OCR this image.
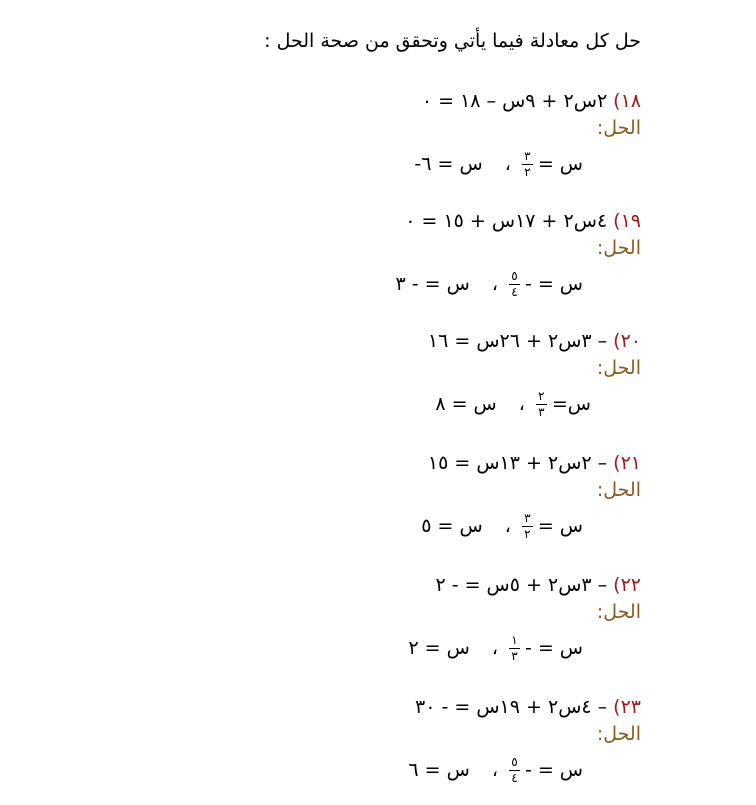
حل كل معادلة فيما يأتي وتحقق من صحة الحل :
١٨)٢س٢ + ٩س – ١٨ = ٠
الحل:
س =
$\frac{٣}{٢}$
،
س = ٦-
١٩)٤س٢ + ١٧س + ١٥ = ٠
الحل:
س =
-
$\frac{٥}{٤}$
،
س = - ٣
٢٠)– ٣س٢ + ٢٦س = ١٦
الحل:
س=
$\frac{٢}{٣}$
،
س = ٨
٢١)– ٢س٢ + ١٣س = ١٥
الحل:
س =
$\frac{٣}{٢}$
،
س = ٥
٢٢)– ٣س٢ + ٥س = - ٢
الحل:
س =
-
$\frac{١}{٣}$
،
س = ٢
٢٣)– ٤س٢ + ١٩س = - ٣٠
الحل:
س =
-
$\frac{٥}{٤}$
،
س = ٦
